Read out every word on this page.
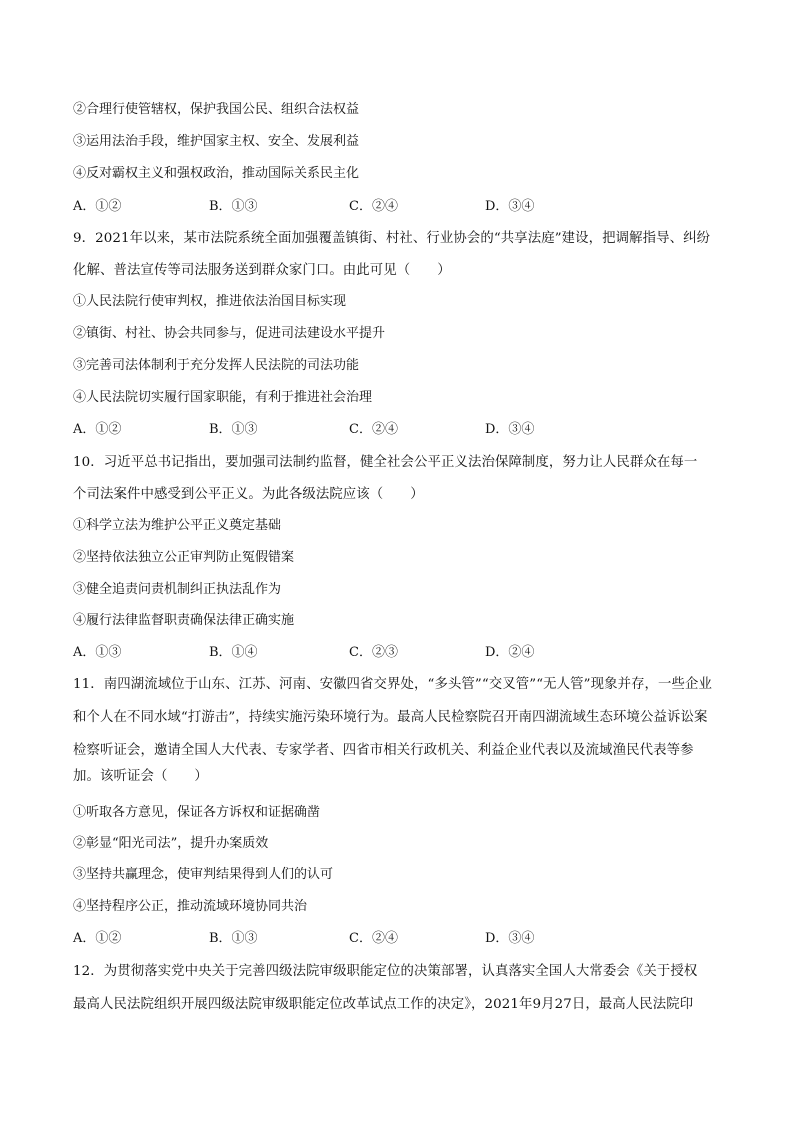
②合理行使管辖权，保护我国公民、组织合法权益
③运用法治手段，维护国家主权、安全、发展利益
④反对霸权主义和强权政治，推动国际关系民主化
A．①②	B．①③	C．②④	D．③④
9．2021年以来，某市法院系统全面加强覆盖镇街、村社、行业协会的“共享法庭”建设，把调解指导、纠纷
化解、普法宣传等司法服务送到群众家门口。由此可见（　　）
①人民法院行使审判权，推进依法治国目标实现
②镇街、村社、协会共同参与，促进司法建设水平提升
③完善司法体制利于充分发挥人民法院的司法功能
④人民法院切实履行国家职能，有利于推进社会治理
A．①②	B．①③	C．②④	D．③④
10．习近平总书记指出，要加强司法制约监督，健全社会公平正义法治保障制度，努力让人民群众在每一
个司法案件中感受到公平正义。为此各级法院应该（　　）
①科学立法为维护公平正义奠定基础
②坚持依法独立公正审判防止冤假错案
③健全追责问责机制纠正执法乱作为
④履行法律监督职责确保法律正确实施
A．①③	B．①④	C．②③	D．②④
11．南四湖流域位于山东、江苏、河南、安徽四省交界处，“多头管”“交叉管”“无人管”现象并存，一些企业
和个人在不同水域“打游击”，持续实施污染环境行为。最高人民检察院召开南四湖流域生态环境公益诉讼案
检察听证会，邀请全国人大代表、专家学者、四省市相关行政机关、利益企业代表以及流域渔民代表等参
加。该听证会（　　）
①听取各方意见，保证各方诉权和证据确凿
②彰显“阳光司法”，提升办案质效
③坚持共赢理念，使审判结果得到人们的认可
④坚持程序公正，推动流域环境协同共治
A．①②	B．①③	C．②④	D．③④
12．为贯彻落实党中央关于完善四级法院审级职能定位的决策部署，认真落实全国人大常委会《关于授权
最高人民法院组织开展四级法院审级职能定位改革试点工作的决定》，2021年9月27日，最高人民法院印
